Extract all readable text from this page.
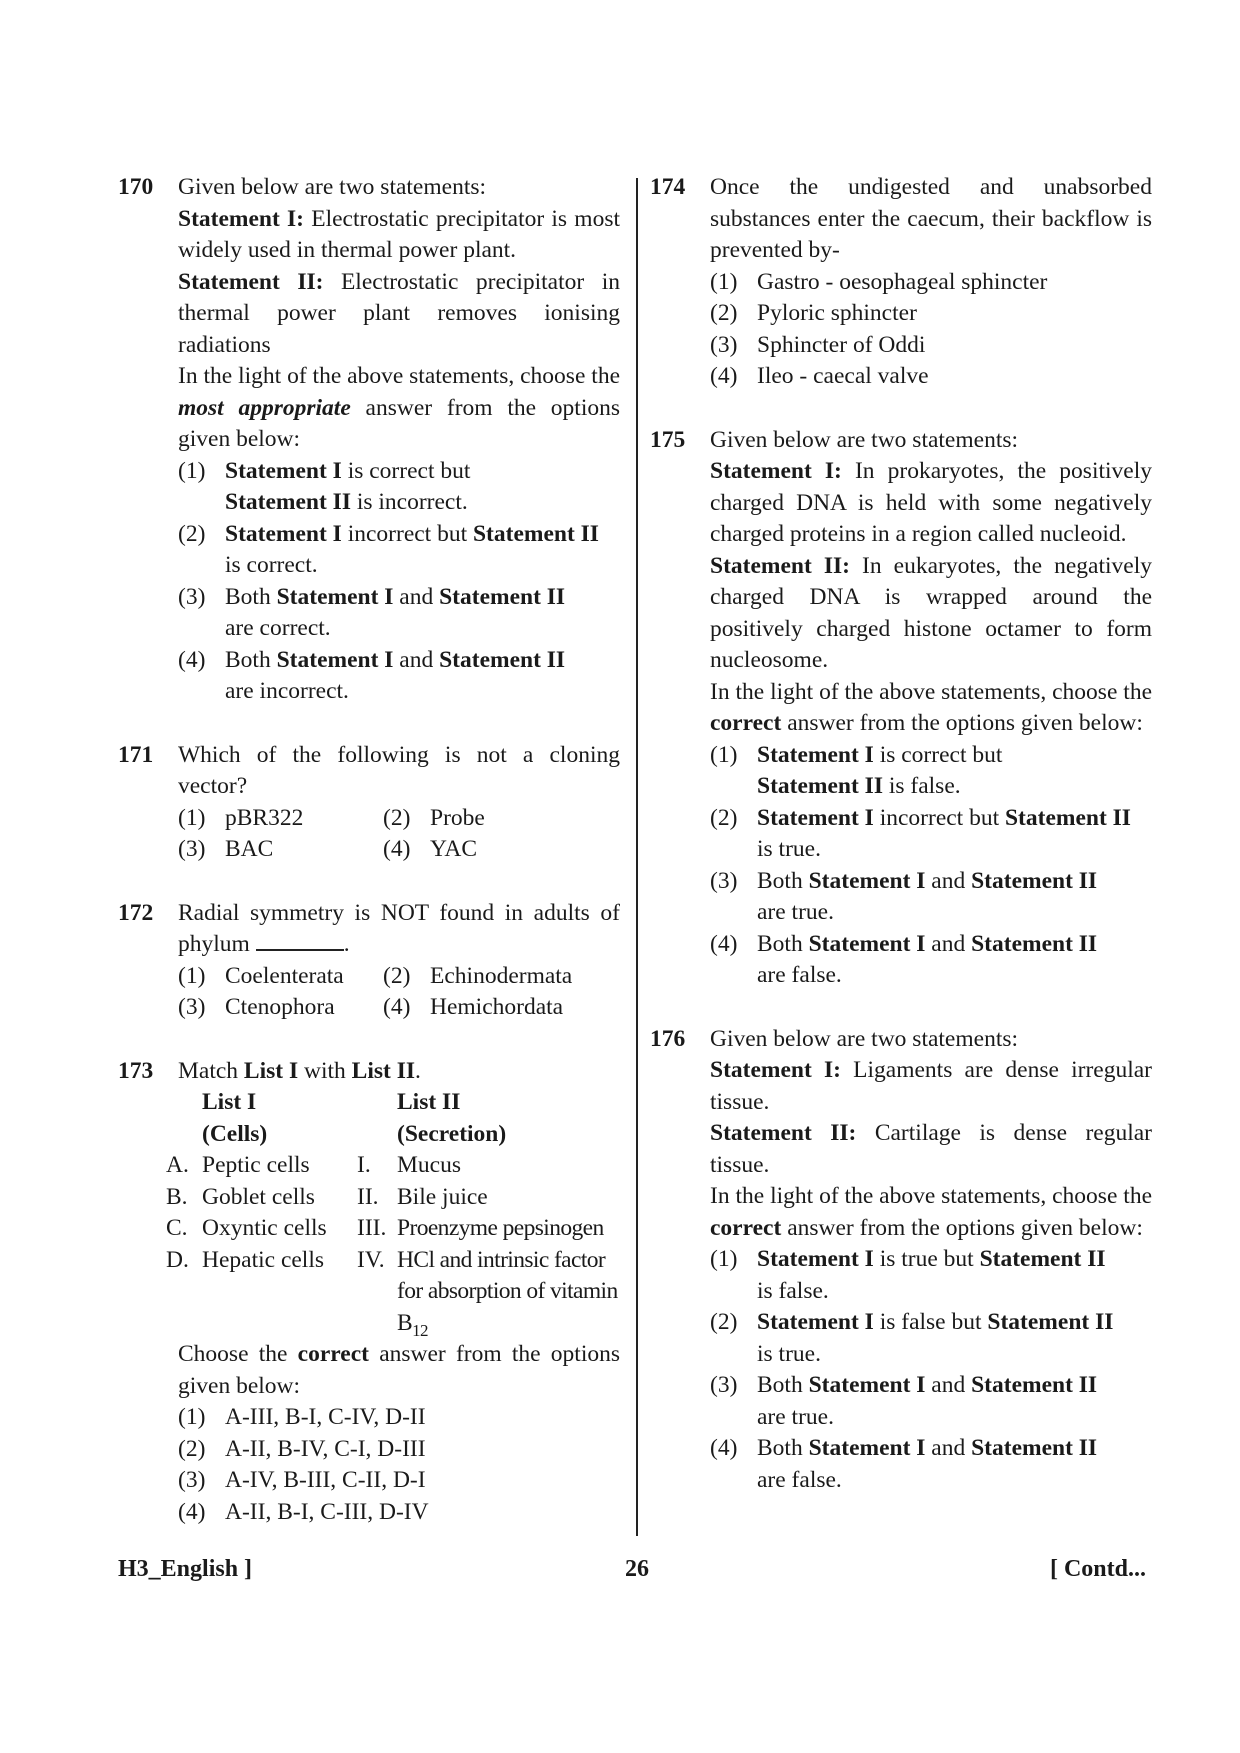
170 Given below are two statements:

Statement I: Electrostatic precipitator is most widely used in thermal power plant.

Statement II: Electrostatic precipitator in thermal power plant removes ionising radiations

In the light of the above statements, choose the most appropriate answer from the options given below:

(1) Statement I is correct but
Statement II is incorrect.
(2) Statement I incorrect but Statement II is correct.
(3) Both Statement I and Statement II
are correct.
(4) Both Statement I and Statement II
are incorrect.
171 Which of the following is not a cloning vector?

(1) pBR322	(2) Probe
(3) BAC	(4) YAC
172 Radial symmetry is NOT found in adults of phylum	.

(1) Coelenterata	(2) Echinodermata
(3) Ctenophora	(4) Hemichordata
173 Match List I with List II.

List I	List II
(Cells)	(Secretion)
A. Peptic cells	I.	Mucus
B. Goblet cells	II. Bile juice
C. Oxyntic cells	III. Proenzyme pepsinogen
D. Hepatic cells	IV. HCl and intrinsic factor for absorption of vitamin $B_{12}$

Choose the correct answer from the options given below:

(1) A-III, B-I, C-IV, D-II
(2) A-II, B-IV, C-I, D-III
(3) A-IV, B-III, C-II, D-I
(4) A-II, B-I, C-III, D-IV
174 Once the undigested and unabsorbed substances enter the caecum, their backflow is prevented by-

(1) Gastro - oesophageal sphincter
(2) Pyloric sphincter
(3) Sphincter of Oddi
(4) Ileo - caecal valve
175 Given below are two statements:

Statement I: In prokaryotes, the positively charged DNA is held with some negatively charged proteins in a region called nucleoid.

Statement II: In eukaryotes, the negatively charged DNA is wrapped around the positively charged histone octamer to form nucleosome.

In the light of the above statements, choose the correct answer from the options given below:

(1) Statement I is correct but
Statement II is false.
(2) Statement I incorrect but Statement II is true.
(3) Both Statement I and Statement II
are true.
(4) Both Statement I and Statement II
are false.
176 Given below are two statements:

Statement I: Ligaments are dense irregular tissue.

Statement II: Cartilage is dense regular tissue.

In the light of the above statements, choose the correct answer from the options given below:

(1) Statement I is true but Statement II
is false.
(2) Statement I is false but Statement II
is true.
(3) Both Statement I and Statement II
are true.
(4) Both Statement I and Statement II
are false.
H3_English ]	26	[ Contd...
